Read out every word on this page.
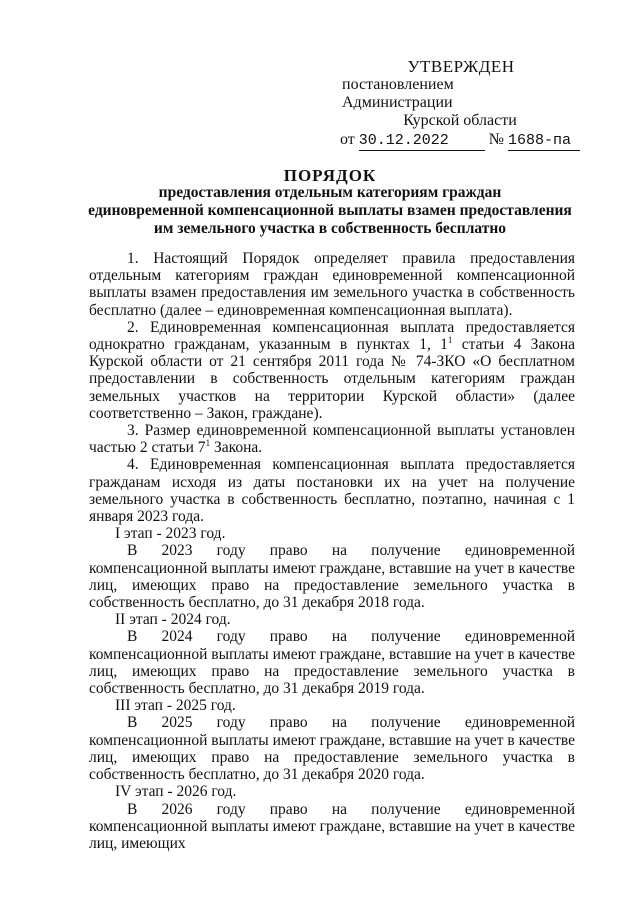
УТВЕРЖДЕН
постановлением Администрации
Курской области
от 30.12.2022 № 1688-па
ПОРЯДОК
предоставления отдельным категориям граждан
единовременной компенсационной выплаты взамен предоставления
им земельного участка в собственность бесплатно

1. Настоящий Порядок определяет правила предоставления отдельным категориям граждан единовременной компенсационной выплаты взамен предоставления им земельного участка в собственность бесплатно (далее – единовременная компенсационная выплата).

2. Единовременная компенсационная выплата предоставляется однократно гражданам, указанным в пунктах 1, $1^1$ статьи 4 Закона Курской области от 21 сентября 2011 года № 74-ЗКО «О бесплатном предоставлении в собственность отдельным категориям граждан земельных участков на территории Курской области» (далее соответственно – Закон, граждане).

3. Размер единовременной компенсационной выплаты установлен частью 2 статьи $7^1$ Закона.

4. Единовременная компенсационная выплата предоставляется гражданам исходя из даты постановки их на учет на получение земельного участка в собственность бесплатно, поэтапно, начиная с 1 января 2023 года.

I этап - 2023 год.

В 2023 году право на получение единовременной компенсационной выплаты имеют граждане, вставшие на учет в качестве лиц, имеющих право на предоставление земельного участка в собственность бесплатно, до 31 декабря 2018 года.

II этап - 2024 год.

В 2024 году право на получение единовременной компенсационной выплаты имеют граждане, вставшие на учет в качестве лиц, имеющих право на предоставление земельного участка в собственность бесплатно, до 31 декабря 2019 года.

III этап - 2025 год.

В 2025 году право на получение единовременной компенсационной выплаты имеют граждане, вставшие на учет в качестве лиц, имеющих право на предоставление земельного участка в собственность бесплатно, до 31 декабря 2020 года.

IV этап - 2026 год.

В 2026 году право на получение единовременной компенсационной выплаты имеют граждане, вставшие на учет в качестве лиц, имеющих
